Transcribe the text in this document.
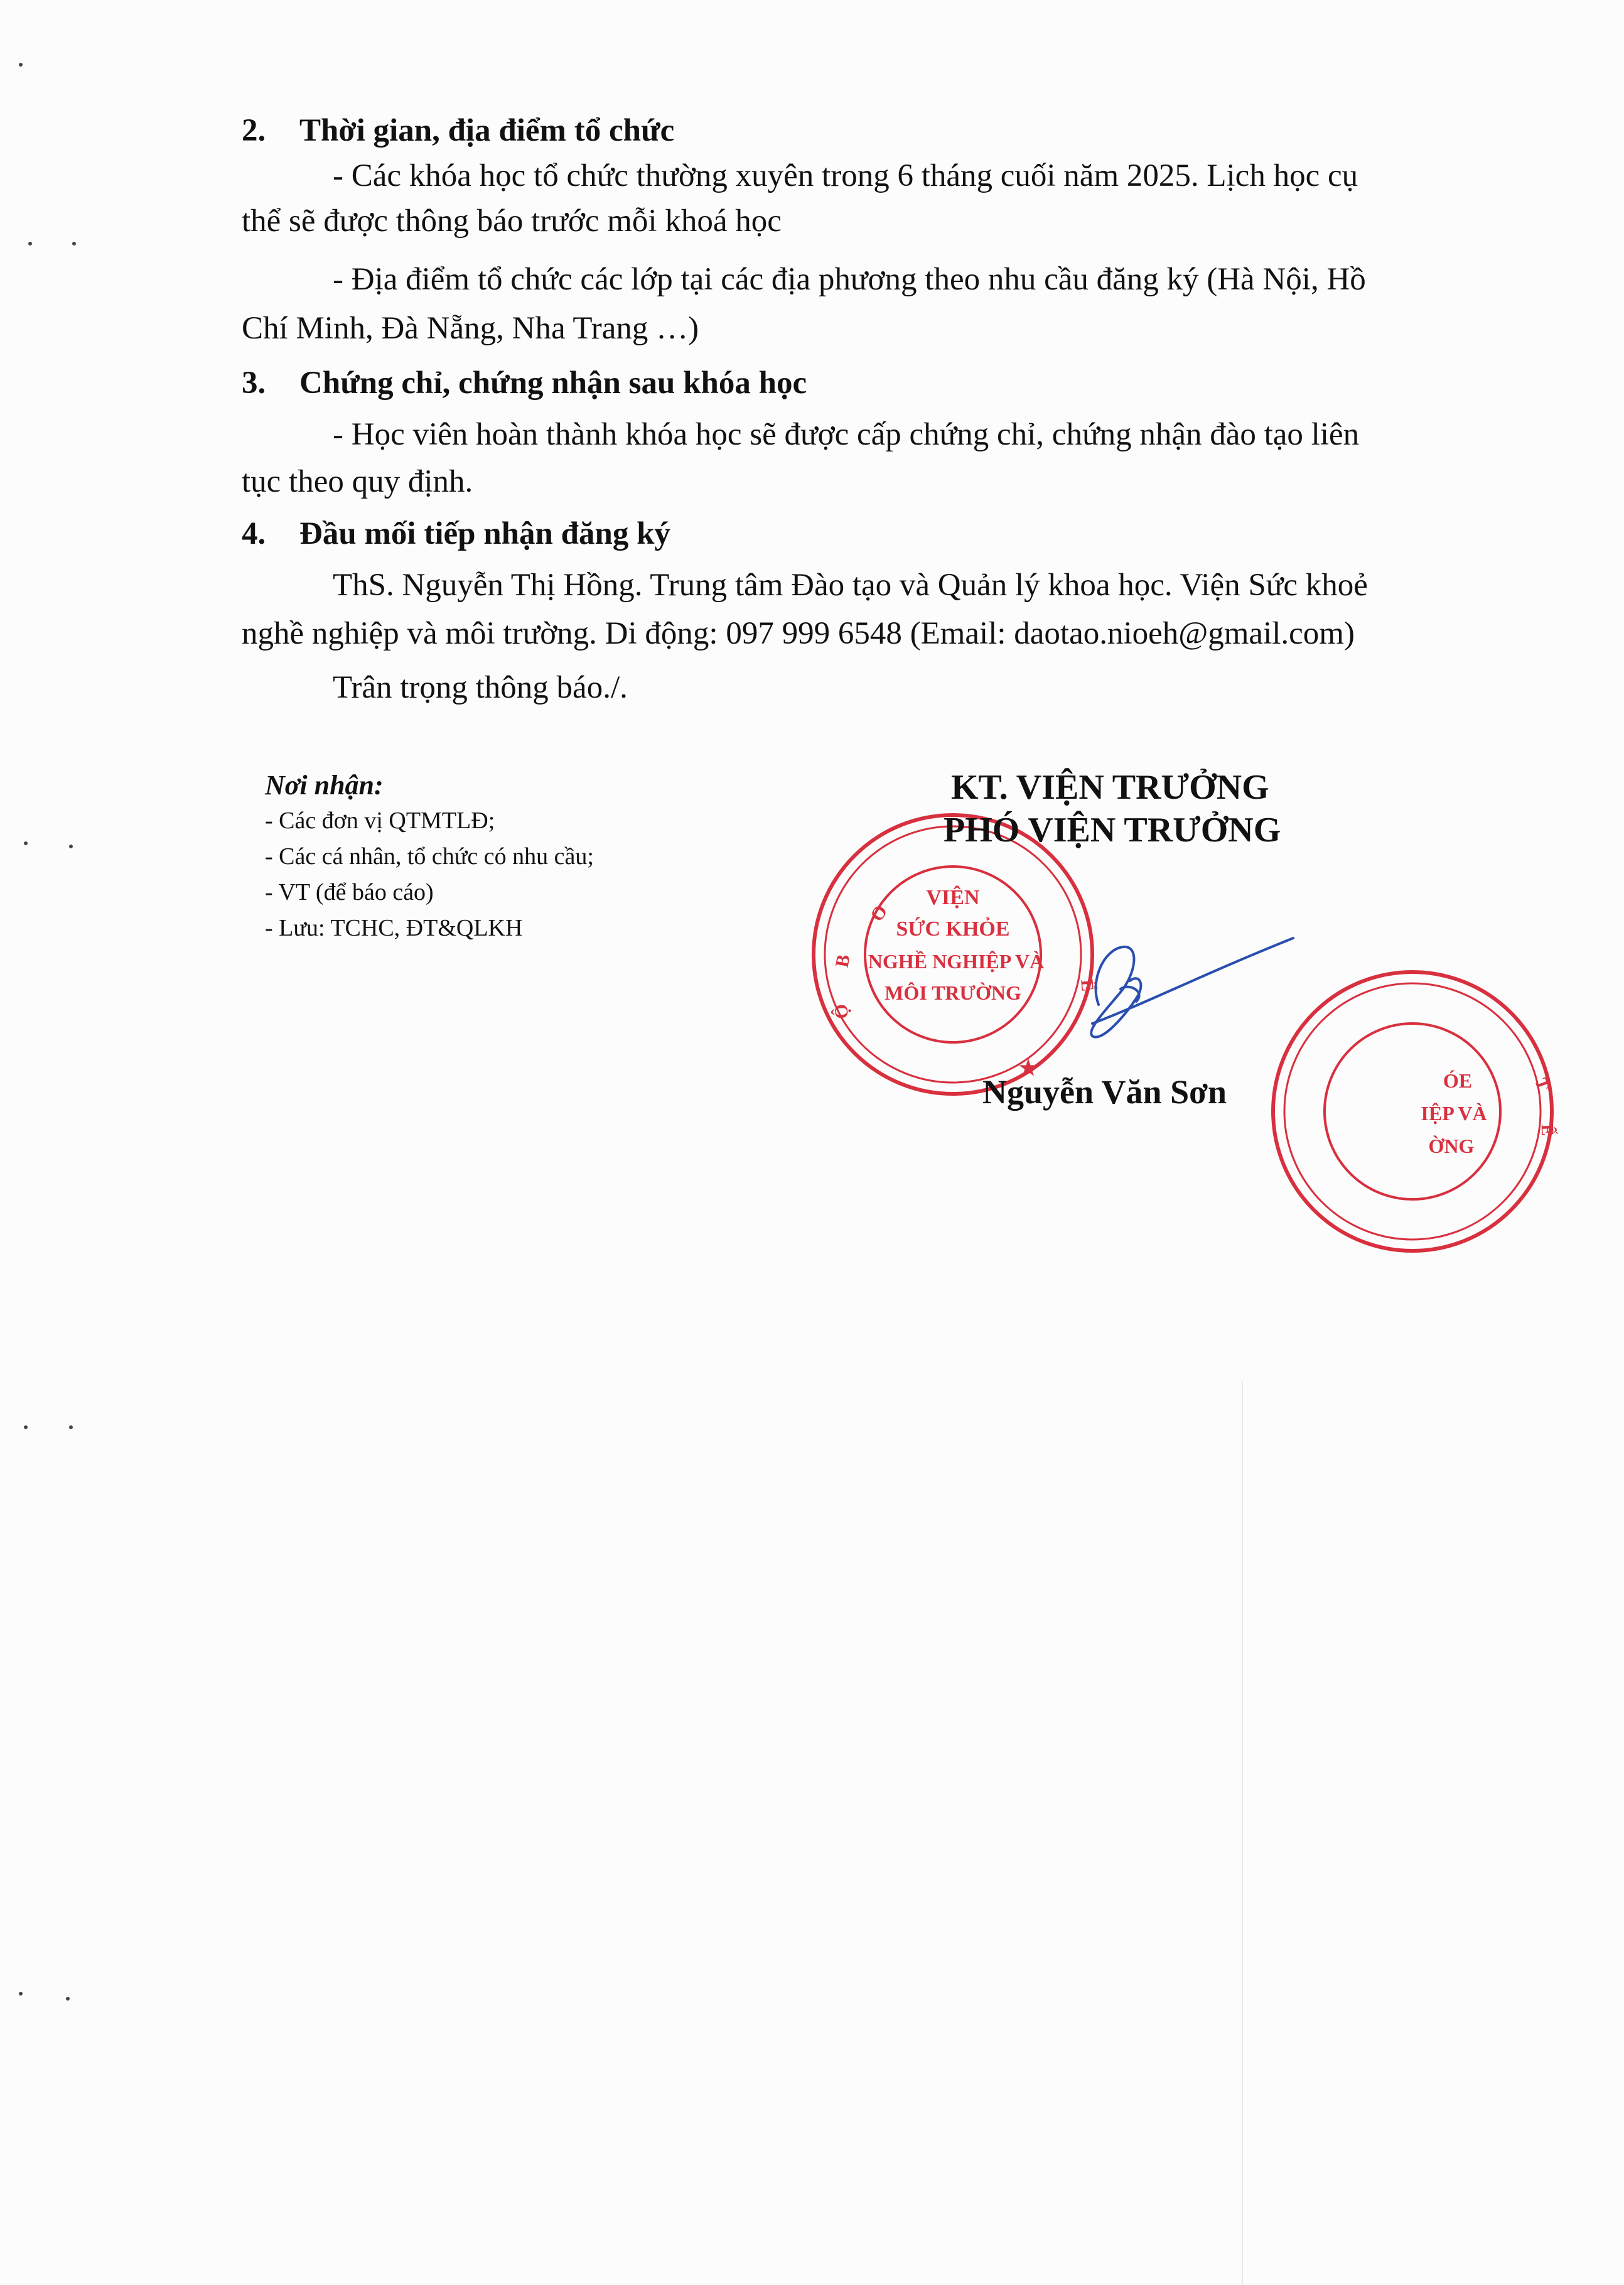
2. Thời gian, địa điểm tổ chức
- Các khóa học tổ chức thường xuyên trong 6 tháng cuối năm 2025. Lịch học cụ
thể sẽ được thông báo trước mỗi khoá học
- Địa điểm tổ chức các lớp tại các địa phương theo nhu cầu đăng ký (Hà Nội, Hồ
Chí Minh, Đà Nẵng, Nha Trang …)
3. Chứng chỉ, chứng nhận sau khóa học
- Học viên hoàn thành khóa học sẽ được cấp chứng chỉ, chứng nhận đào tạo liên
tục theo quy định.
4. Đầu mối tiếp nhận đăng ký
ThS. Nguyễn Thị Hồng. Trung tâm Đào tạo và Quản lý khoa học. Viện Sức khoẻ
nghề nghiệp và môi trường. Di động: 097 999 6548 (Email: daotao.nioeh@gmail.com)
Trân trọng thông báo./.
Nơi nhận:
- Các đơn vị QTMTLĐ;
- Các cá nhân, tổ chức có nhu cầu;
- VT (để báo cáo)
- Lưu: TCHC, ĐT&QLKH
VIỆN
SỨC KHỎE
NGHỀ NGHIỆP VÀ
MÔI TRƯỜNG
O
B
Ộ
Ế
★
ÓE
IỆP VÀ
ỜNG
T
Ế
KT. VIỆN TRƯỞNG
PHÓ VIỆN TRƯỞNG
Nguyễn Văn Sơn
